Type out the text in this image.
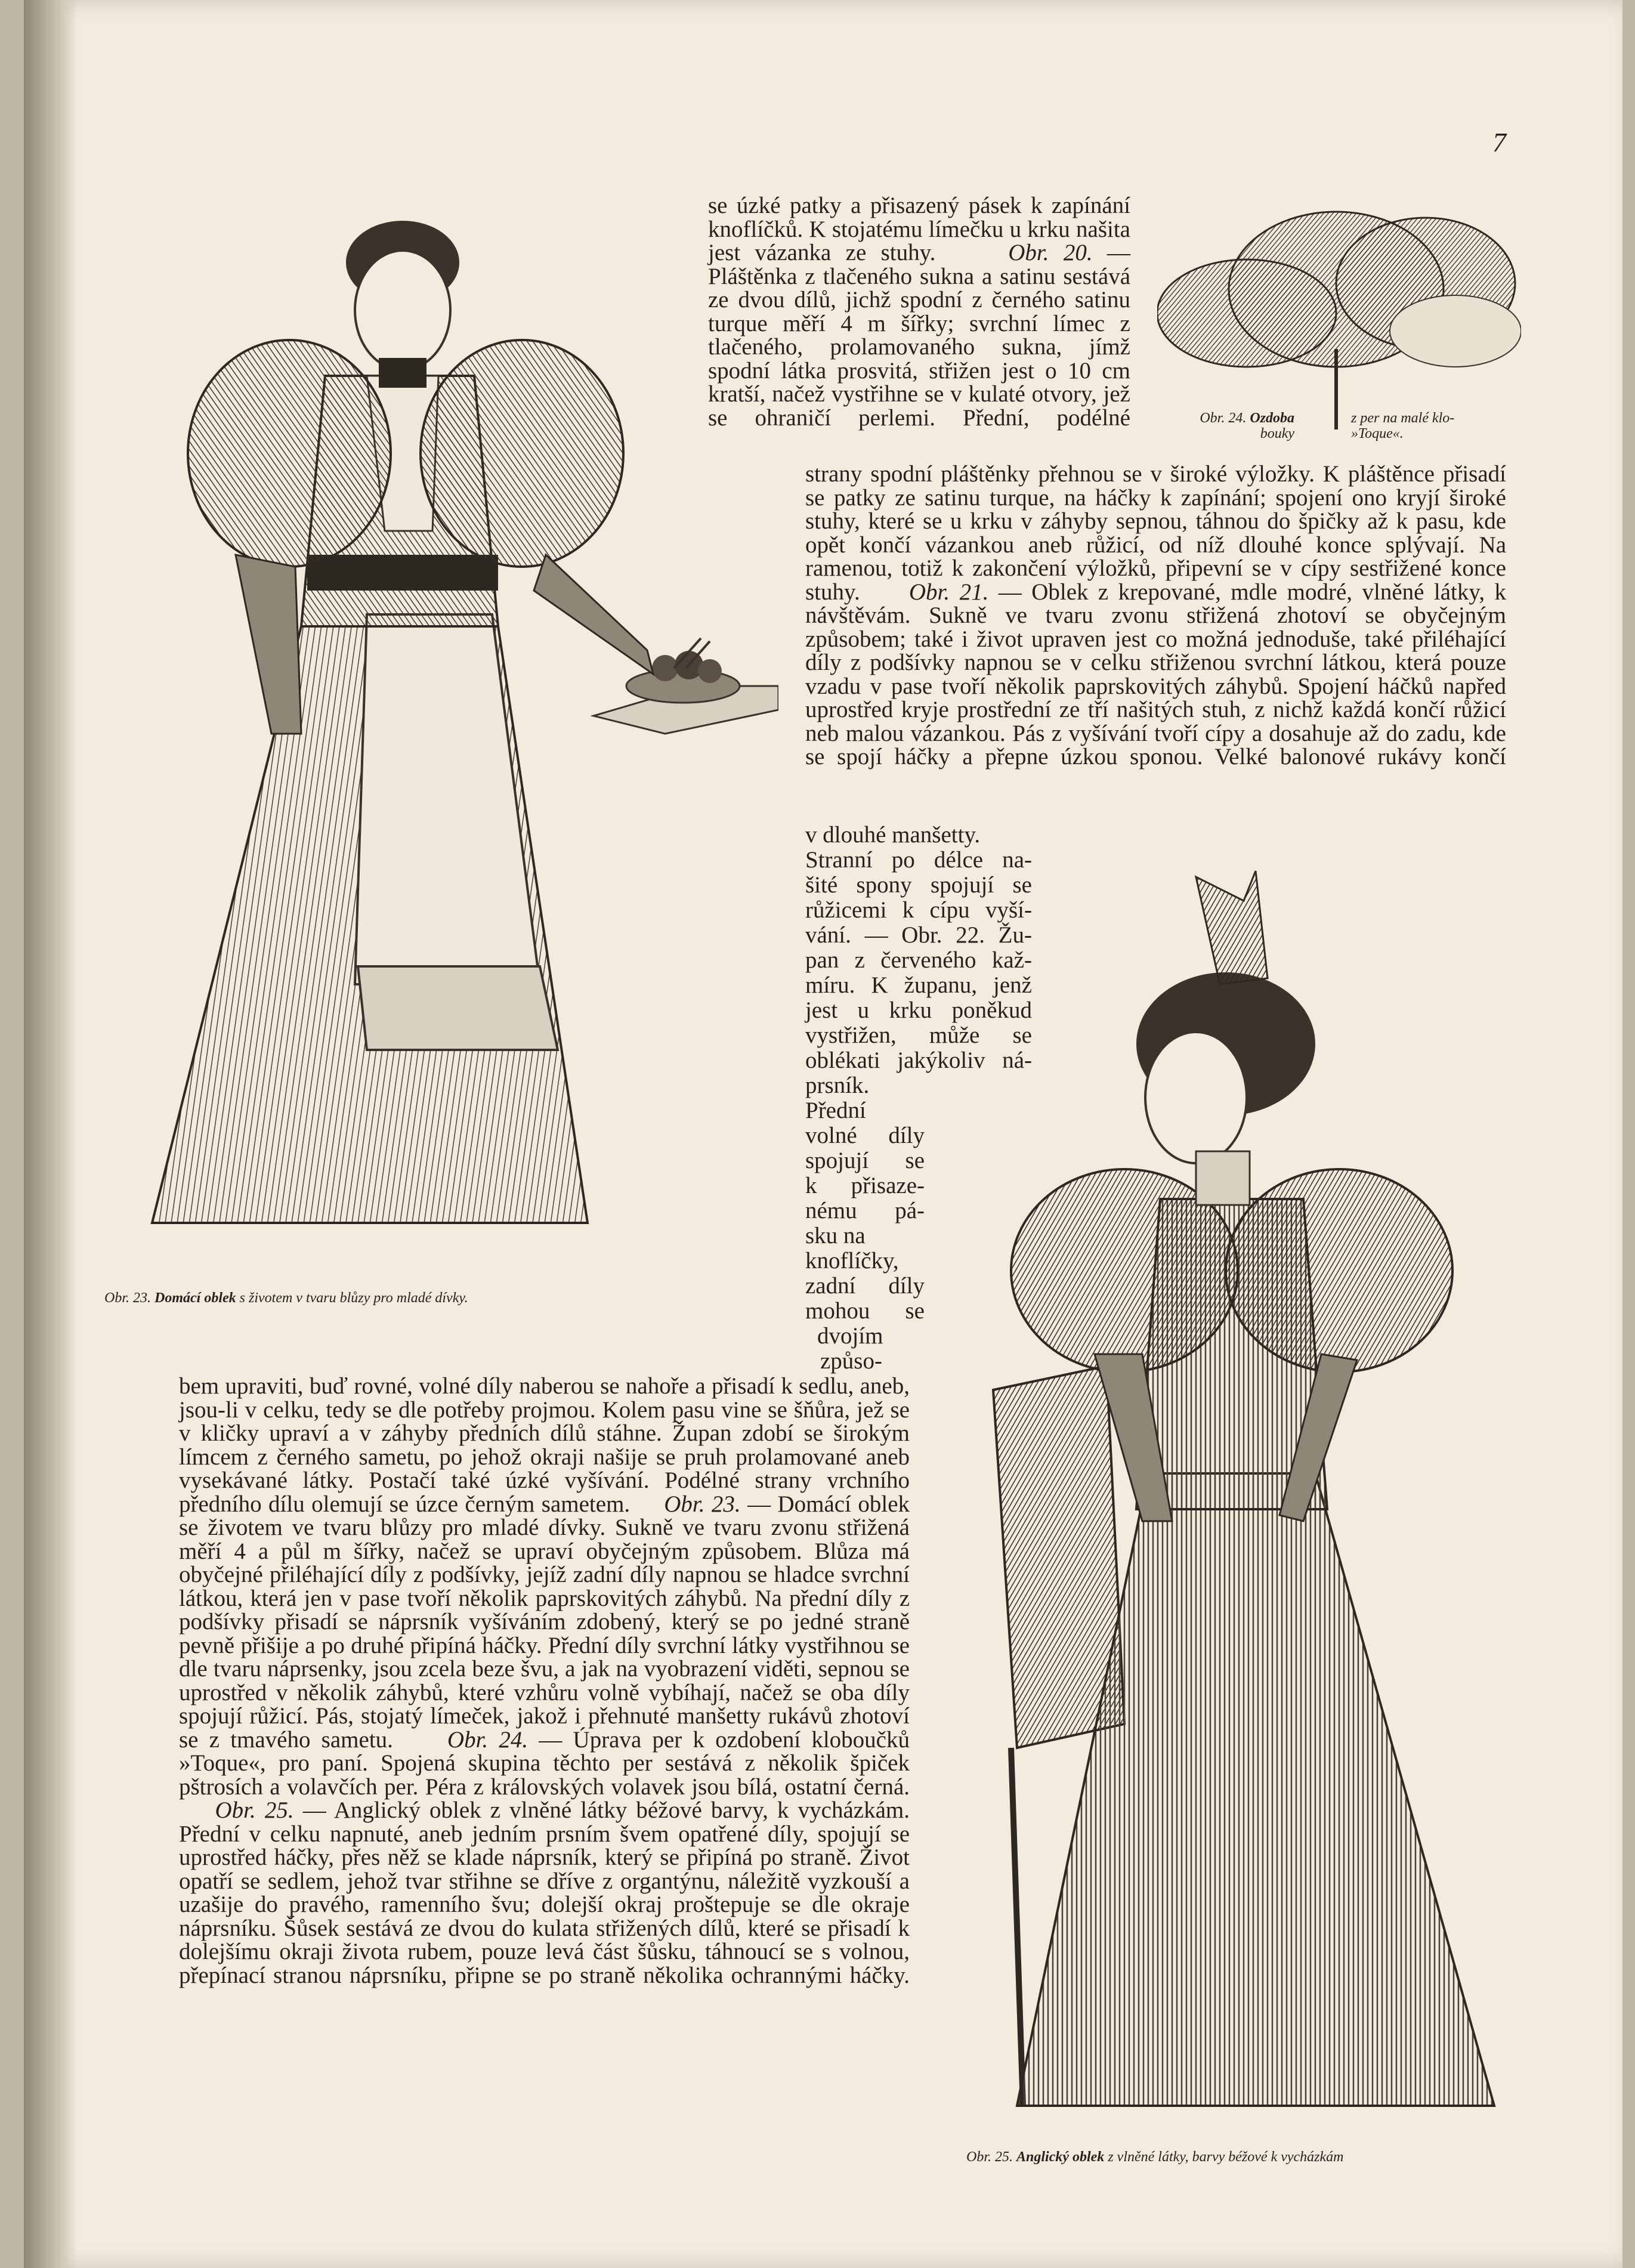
7

Obr. 23. Domácí oblek s životem v tvaru blůzy pro mladé dívky.

Obr. 24. Ozdoba
bouky

z per na malé klo-
»Toque«.

Obr. 25. Anglický oblek z vlněné látky, barvy béžové k vycházkám

se úzké patky a přisazený pásek k zapínání knoflíčků. K stojatému límečku u krku našita jest vázanka ze stuhy.	Obr. 20. — Pláštěnka z tlačeného sukna a satinu sestává ze dvou dílů, jichž spodní z černého satinu turque měří 4 m šířky; svrchní límec z tlačeného, prolamovaného sukna, jímž spodní látka prosvitá, střižen jest o 10 cm kratší, načež vystřihne se v kulaté otvory, jež se ohraničí perlemi. Přední, podélné

strany spodní pláštěnky přehnou se v široké výložky. K pláštěnce přisadí se patky ze satinu turque, na háčky k zapínání; spojení ono kryjí široké stuhy, které se u krku v záhyby sepnou, táhnou do špičky až k pasu, kde opět končí vázankou aneb růžicí, od níž dlouhé konce splývají. Na ramenou, totiž k zakončení výložků, připevní se v cípy sestřižené konce stuhy. Obr. 21. — Oblek z krepované, mdle modré, vlněné látky, k návštěvám. Sukně ve tvaru zvonu střižená zhotoví se obyčejným způsobem; také i život upraven jest co možná jednoduše, také přiléhající díly z podšívky napnou se v celku střiženou svrchní látkou, která pouze vzadu v pase tvoří několik paprskovitých záhybů. Spojení háčků napřed uprostřed kryje prostřední ze tří našitých stuh, z nichž každá končí růžicí neb malou vázankou. Pás z vyšívání tvoří cípy a dosahuje až do zadu, kde se spojí háčky a přepne úzkou sponou. Velké balonové rukávy končí

v dlouhé manšetty.

Stranní po délce na-

šité spony spojují se

růžicemi k cípu vyší-

vání. — Obr. 22. Žu-

pan z červeného kaž-

míru. K županu, jenž

jest u krku poněkud

vystřižen, může se

oblékati jakýkoliv ná-

prsník.

Přední

volné díly

spojují se

k přisaze-

nému pá-

sku na

knoflíčky,

zadní díly

mohou se

dvojím

způso-

bem upraviti, buď rovné, volné díly naberou se nahoře a přisadí k sedlu, aneb, jsou-li v celku, tedy se dle potřeby projmou. Kolem pasu vine se šňůra, jež se v kličky upraví a v záhyby předních dílů stáhne. Župan zdobí se širokým límcem z černého sametu, po jehož okraji našije se pruh prolamované aneb vysekávané látky. Postačí také úzké vyšívání. Podélné strany vrchního předního dílu olemují se úzce černým sametem. Obr. 23. — Domácí oblek se životem ve tvaru blůzy pro mladé dívky. Sukně ve tvaru zvonu střižená měří 4 a půl m šířky, načež se upraví obyčejným způsobem. Blůza má obyčejné přiléhající díly z podšívky, jejíž zadní díly napnou se hladce svrchní látkou, která jen v pase tvoří několik paprskovitých záhybů. Na přední díly z podšívky přisadí se náprsník vyšíváním zdobený, který se po jedné straně pevně přišije a po druhé připíná háčky. Přední díly svrchní látky vystřihnou se dle tvaru náprsenky, jsou zcela beze švu, a jak na vyobrazení viděti, sepnou se uprostřed v několik záhybů, které vzhůru volně vybíhají, načež se oba díly spojují růžicí. Pás, stojatý límeček, jakož i přehnuté manšetty rukávů zhotoví se z tmavého sametu. Obr. 24. — Úprava per k ozdobení kloboučků »Toque«, pro paní. Spojená skupina těchto per sestává z několik špiček pštrosích a volavčích per. Péra z královských volavek jsou bílá, ostatní černá.     Obr. 25. — Anglický oblek z vlněné látky béžové barvy, k vycházkám. Přední v celku napnuté, aneb jedním prsním švem opatřené díly, spojují se uprostřed háčky, přes něž se klade náprsník, který se připíná po straně. Život opatří se sedlem, jehož tvar střihne se dříve z organtýnu, náležitě vyzkouší a uzašije do pravého, ramenního švu; dolejší okraj proštepuje se dle okraje náprsníku. Šůsek sestává ze dvou do kulata střižených dílů, které se přisadí k dolejšímu okraji života rubem, pouze levá část šůsku, táhnoucí se s volnou, přepínací stranou náprsníku, připne se po straně několika ochrannými háčky.
